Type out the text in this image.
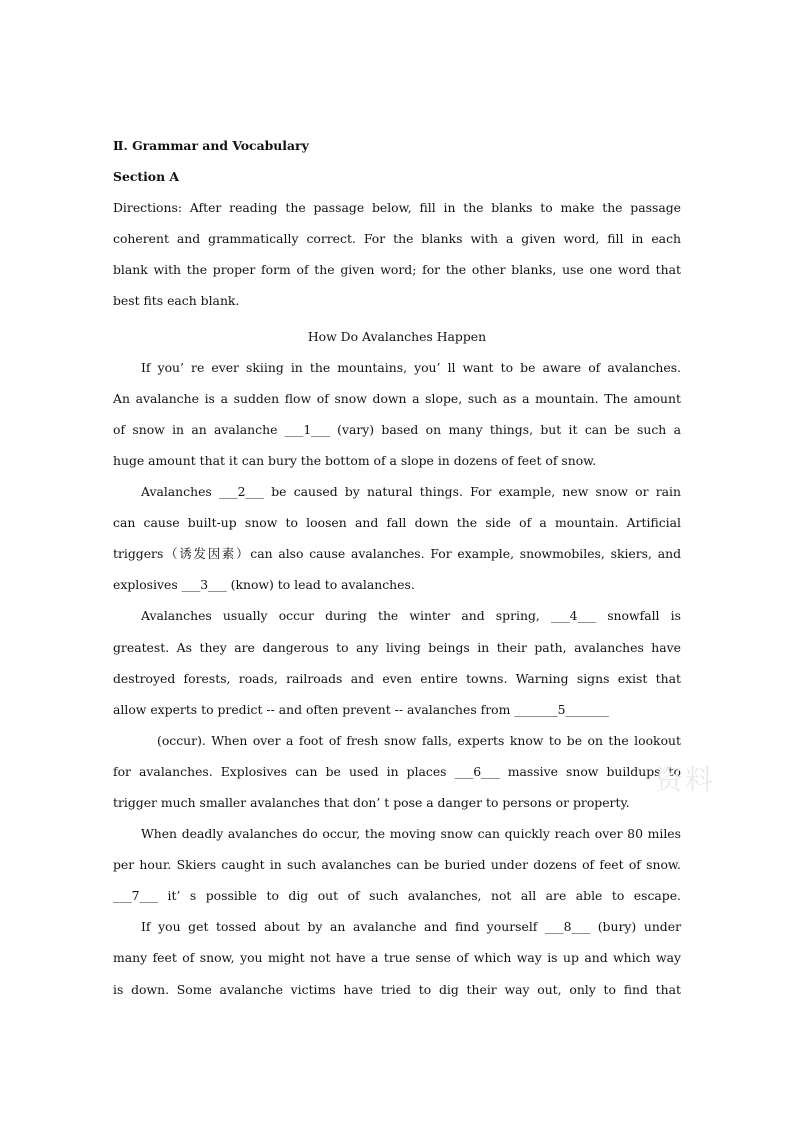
Ⅱ. Grammar and Vocabulary
Section A
Directions: After reading the passage below, fill in the blanks to make the passage
coherent and grammatically correct. For the blanks with a given word, fill in each
blank with the proper form of the given word; for the other blanks, use one word that
best fits each blank.
How Do Avalanches Happen
If you’ re ever skiing in the mountains, you’ ll want to be aware of avalanches.
An avalanche is a sudden flow of snow down a slope, such as a mountain. The amount
of snow in an avalanche ___1___ (vary) based on many things, but it can be such a
huge amount that it can bury the bottom of a slope in dozens of feet of snow.
Avalanches ___2___ be caused by natural things. For example, new snow or rain
can cause built-up snow to loosen and fall down the side of a mountain. Artificial
triggers（诱发因素）can also cause avalanches. For example, snowmobiles, skiers, and
explosives ___3___ (know) to lead to avalanches.
Avalanches usually occur during the winter and spring, ___4___ snowfall is
greatest. As they are dangerous to any living beings in their path, avalanches have
destroyed forests, roads, railroads and even entire towns. Warning signs exist that
allow experts to predict -- and often prevent -- avalanches from _______5_______
(occur). When over a foot of fresh snow falls, experts know to be on the lookout
for avalanches. Explosives can be used in places ___6___ massive snow buildups to
trigger much smaller avalanches that don’ t pose a danger to persons or property.
When deadly avalanches do occur, the moving snow can quickly reach over 80 miles
per hour. Skiers caught in such avalanches can be buried under dozens of feet of snow.
___7___ it’ s possible to dig out of such avalanches, not all are able to escape.
If you get tossed about by an avalanche and find yourself ___8___ (bury) under
many feet of snow, you might not have a true sense of which way is up and which way
is down. Some avalanche victims have tried to dig their way out, only to find that
资料
